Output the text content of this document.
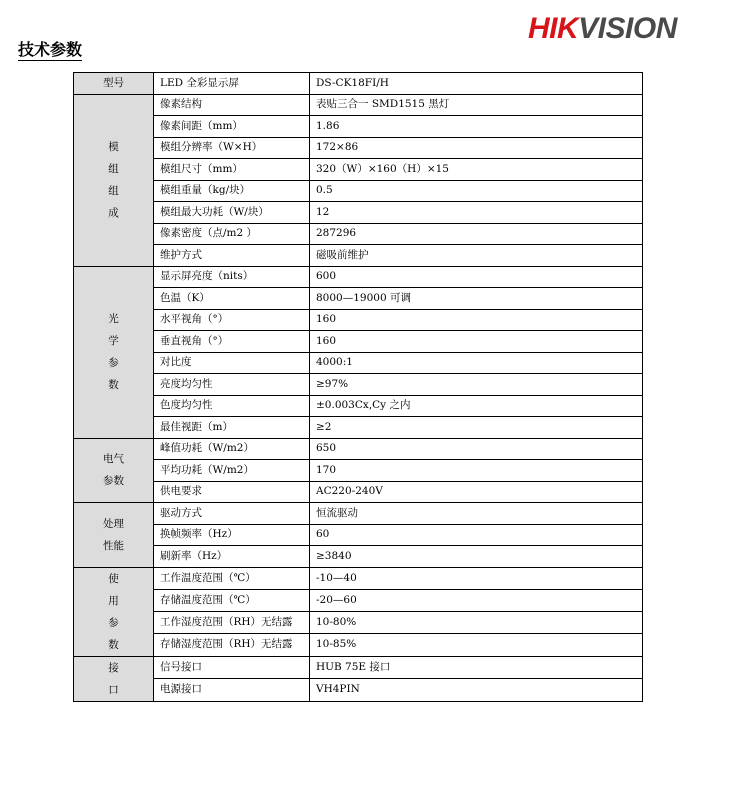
HIKVISION
技术参数
型号	LED 全彩显示屏	DS-CK18FI/H

模
组
组
成	像素结构	表贴三合一 SMD1515 黑灯
	像素间距（mm）	1.86
	模组分辨率（W×H）	172×86
	模组尺寸（mm）	320（W）×160（H）×15
	模组重量（kg/块）	0.5
	模组最大功耗（W/块）	12
	像素密度（点/m2 ）	287296
	维护方式	磁吸前维护

光
学
参
数	显示屏亮度（nits）	600
	色温（K）	8000—19000 可调
	水平视角（°）	160
	垂直视角（°）	160
	对比度	4000:1
	亮度均匀性	≥97%
	色度均匀性	±0.003Cx,Cy 之内
	最佳视距（m）	≥2

电气
参数	峰值功耗（W/m2）	650
	平均功耗（W/m2）	170
	供电要求	AC220-240V

处理
性能	驱动方式	恒流驱动
	换帧频率（Hz）	60
	刷新率（Hz）	≥3840

使
用
参
数	工作温度范围（℃）	-10—40
	存储温度范围（℃）	-20—60
	工作湿度范围（RH）无结露	10-80%
	存储湿度范围（RH）无结露	10-85%

接
口	信号接口	HUB 75E 接口
	电源接口	VH4PIN
